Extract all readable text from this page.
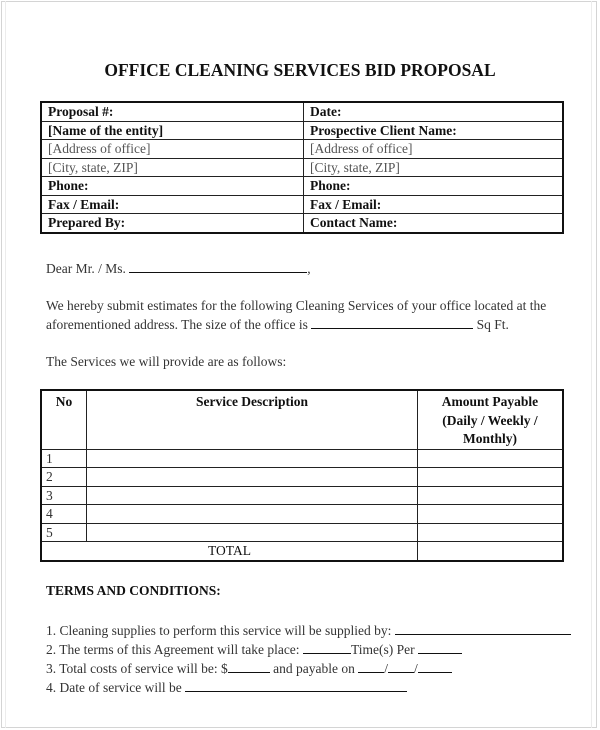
OFFICE CLEANING SERVICES BID PROPOSAL
Proposal #:	Date:
[Name of the entity]	Prospective Client Name:
[Address of office]	[Address of office]
[City, state, ZIP]	[City, state, ZIP]
Phone:	Phone:
Fax / Email:	Fax / Email:
Prepared By:	Contact Name:
Dear Mr. / Ms.	,
We hereby submit estimates for the following Cleaning Services of your office located at the
aforementioned address. The size of the office is	Sq Ft.
The Services we will provide are as follows:
No	Service Description	Amount Payable
(Daily / Weekly /
Monthly)

1		
2		
3		
4		
5		
TOTAL		
TERMS AND CONDITIONS:
1. Cleaning supplies to perform this service will be supplied by:
2. The terms of this Agreement will take place:	Time(s) Per
3. Total costs of service will be: $	and payable on / /
4. Date of service will be
